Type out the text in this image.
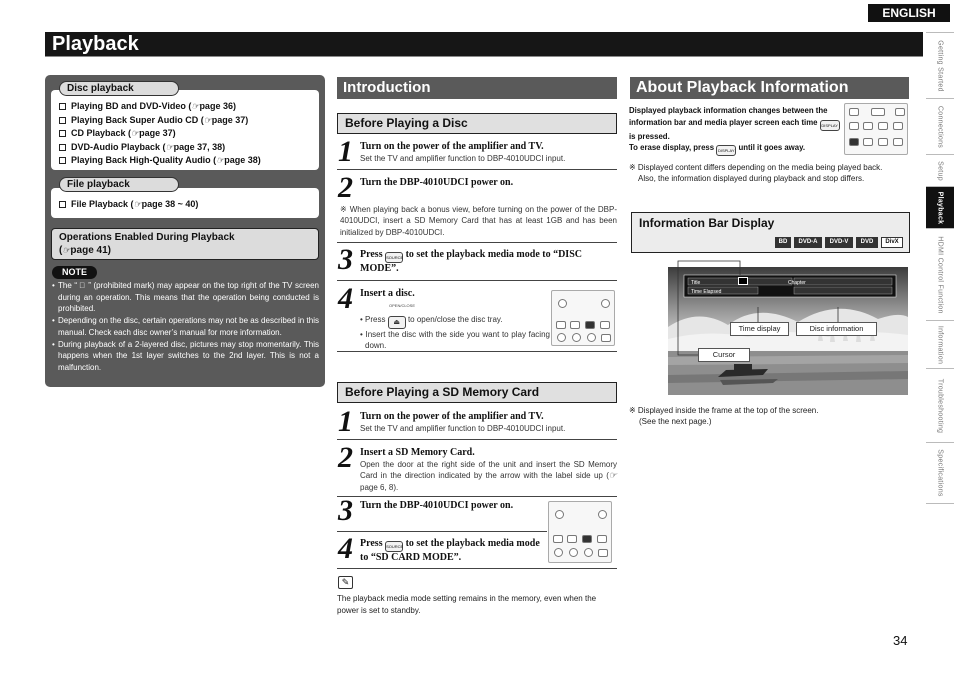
ENGLISH
Playback	Getting Started
Connections
Setup
Playback
HDMI Control Function
Information
Troubleshooting
Specifications
Playing BD and DVD-Video (☞page 36)
Playing Back Super Audio CD (☞page 37)
CD Playback (☞page 37)
DVD-Audio Playback (☞page 37, 38)
Playing Back High-Quality Audio (☞page 38)
Disc playback
File Playback (☞page 38 ~ 40)
File playback
Operations Enabled During Playback
(☞page 41)
NOTE
• The “ ⃠ ” (prohibited mark) may appear on the top right of the TV screen during an operation. This means that the operation being conducted is prohibited.
• Depending on the disc, certain operations may not be as described in this manual. Check each disc owner’s manual for more information.
• During playback of a 2-layered disc, pictures may stop momentarily. This happens when the 1st layer switches to the 2nd layer. This is not a malfunction.
Introduction
Before Playing a Disc
1 Turn on the power of the amplifier and TV.
Set the TV and amplifier function to DBP-4010UDCI input.
2 Turn the DBP-4010UDCI power on.
※ When playing back a bonus view, before turning on the power of the DBP-4010UDCI, insert a SD Memory Card that has at least 1GB and has been initialized by DBP-4010UDCI.
3 Press SOURCE to set the playback media mode to “DISC MODE”.
4 Insert a disc.
OPEN/CLOSE
• Press ⏏ to open/close the disc tray.
• Insert the disc with the side you want to play facing down.
Before Playing a SD Memory Card
1 Turn on the power of the amplifier and TV.
Set the TV and amplifier function to DBP-4010UDCI input.
2 Insert a SD Memory Card.
Open the door at the right side of the unit and insert the SD Memory Card in the direction indicated by the arrow with the label side up (☞page 6, 8).
3 Turn the DBP-4010UDCI power on.
4 Press SOURCE to set the playback media mode to “SD CARD MODE”.
✎
The playback media mode setting remains in the memory, even when the power is set to standby.
About Playback Information
Displayed playback information changes between the information bar and media player screen each time DISPLAY is pressed.
To erase display, press DISPLAY until it goes away.
※ Displayed content differs depending on the media being played back.
Also, the information displayed during playback and stop differs.
Information Bar Display
BD	DVD-A	DVD-V	DVD	DivX
Title	Chapter
Time Elapsed
Time display	Disc information
Cursor
※ Displayed inside the frame at the top of the screen.
(See the next page.)
34
